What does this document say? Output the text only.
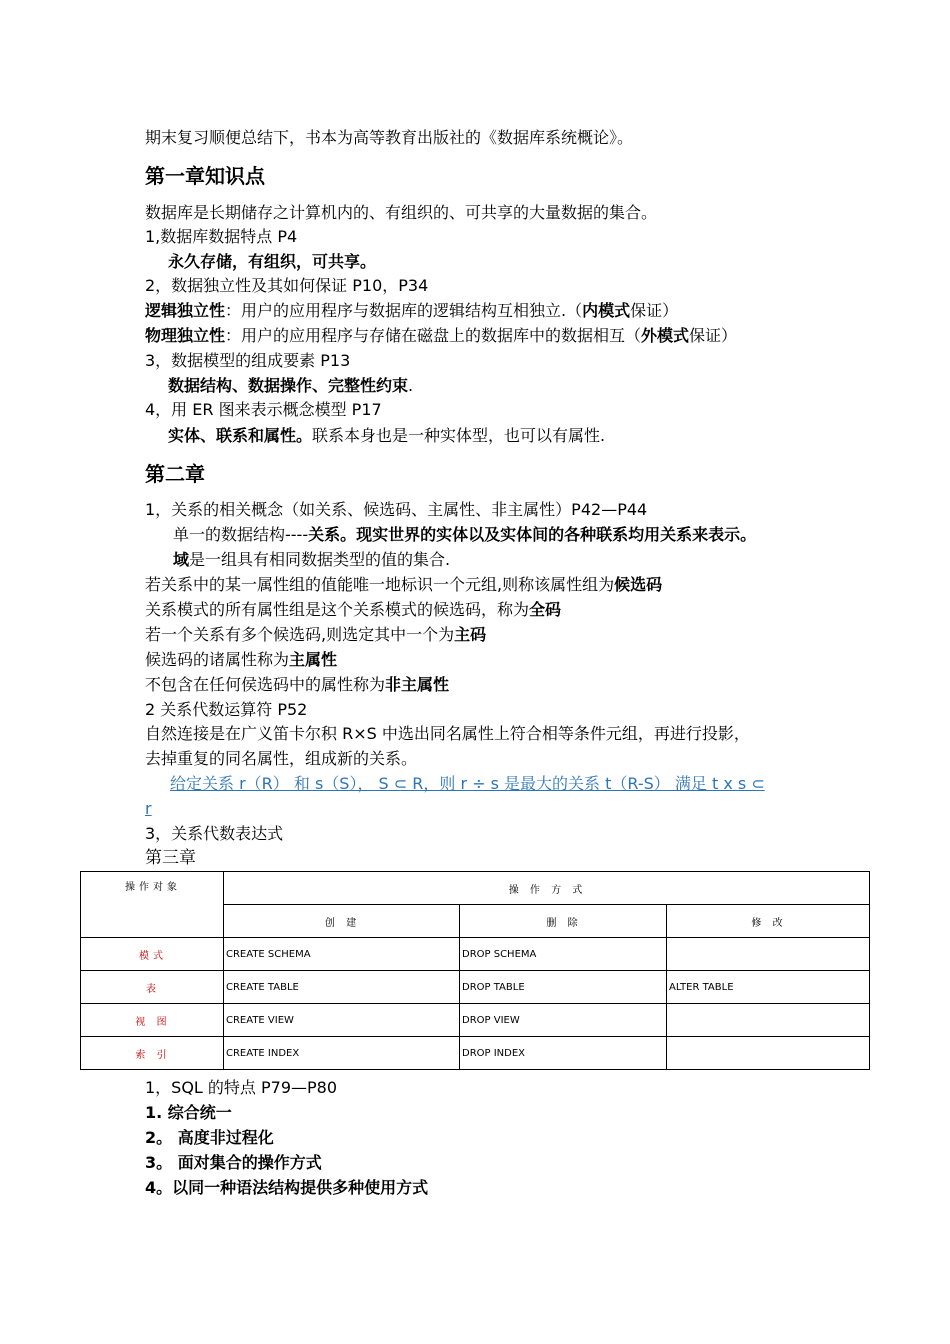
期末复习顺便总结下，书本为高等教育出版社的《数据库系统概论》。
第一章知识点
数据库是长期储存之计算机内的、有组织的、可共享的大量数据的集合。
1,数据库数据特点 P4
永久存储，有组织，可共享。
2，数据独立性及其如何保证 P10，P34
逻辑独立性：用户的应用程序与数据库的逻辑结构互相独立.（内模式保证）
物理独立性：用户的应用程序与存储在磁盘上的数据库中的数据相互（外模式保证）
3，数据模型的组成要素 P13
数据结构、数据操作、完整性约束.
4，用 ER 图来表示概念模型 P17
实体、联系和属性。联系本身也是一种实体型，也可以有属性.
第二章
1，关系的相关概念（如关系、候选码、主属性、非主属性）P42—P44
单一的数据结构----关系。现实世界的实体以及实体间的各种联系均用关系来表示。
域是一组具有相同数据类型的值的集合.
若关系中的某一属性组的值能唯一地标识一个元组,则称该属性组为候选码
关系模式的所有属性组是这个关系模式的候选码，称为全码
若一个关系有多个候选码,则选定其中一个为主码
候选码的诸属性称为主属性
不包含在任何侯选码中的属性称为非主属性
2 关系代数运算符 P52
自然连接是在广义笛卡尔积 R×S 中选出同名属性上符合相等条件元组，再进行投影，
去掉重复的同名属性，组成新的关系。
给定关系 r（R） 和 s（S）， S ⊂ R，则 r ÷ s 是最大的关系 t（R-S） 满足 t x s ⊂
r
3，关系代数表达式
第三章
操作对象	操 作 方 式		
	创 建	删 除	修 改
模式	CREATE SCHEMA	DROP SCHEMA	
表	CREATE TABLE	DROP TABLE	ALTER TABLE
视 图	CREATE VIEW	DROP VIEW	
索 引	CREATE INDEX	DROP INDEX	
1，SQL 的特点 P79—P80
1. 综合统一
2。 高度非过程化
3。 面对集合的操作方式
4。以同一种语法结构提供多种使用方式
